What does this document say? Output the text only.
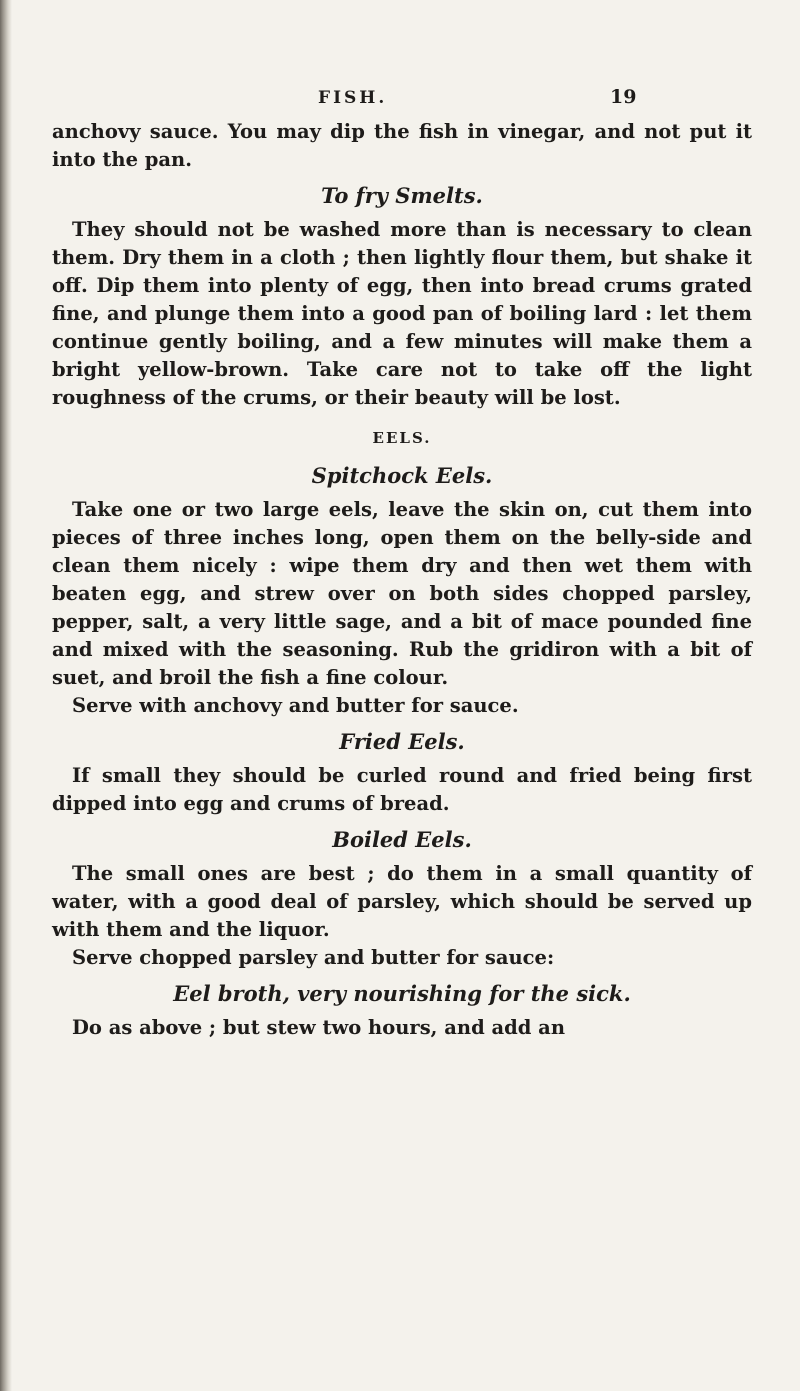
FISH.	19

anchovy sauce. You may dip the fish in vinegar, and not put it into the pan.

To fry Smelts.

They should not be washed more than is necessary to clean them. Dry them in a cloth ; then lightly flour them, but shake it off. Dip them into plenty of egg, then into bread crums grated fine, and plunge them into a good pan of boiling lard : let them continue gently boiling, and a few minutes will make them a bright yellow-brown. Take care not to take off the light roughness of the crums, or their beauty will be lost.

EELS.
Spitchock Eels.

Take one or two large eels, leave the skin on, cut them into pieces of three inches long, open them on the belly-side and clean them nicely : wipe them dry and then wet them with beaten egg, and strew over on both sides chopped parsley, pepper, salt, a very little sage, and a bit of mace pounded fine and mixed with the seasoning. Rub the gridiron with a bit of suet, and broil the fish a fine colour.

Serve with anchovy and butter for sauce.

Fried Eels.

If small they should be curled round and fried being first dipped into egg and crums of bread.

Boiled Eels.

The small ones are best ; do them in a small quantity of water, with a good deal of parsley, which should be served up with them and the liquor.

Serve chopped parsley and butter for sauce:

Eel broth, very nourishing for the sick.

Do as above ; but stew two hours, and add an
